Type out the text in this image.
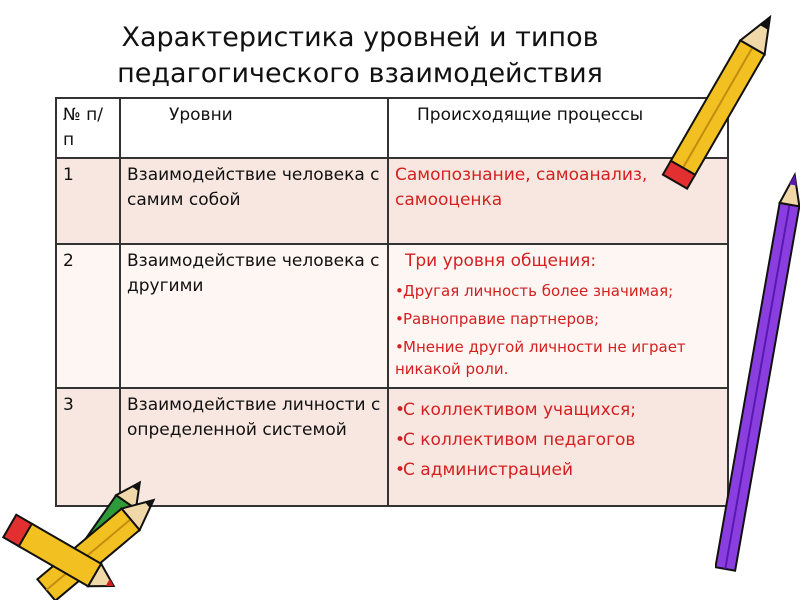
Характеристика уровней и типов
педагогического взаимодействия
№ п/п	Уровни	Происходящие процессы
1	Взаимодействие человека с самим собой	Самопознание, самоанализ, самооценка
2	Взаимодействие человека с другими	Три уровня общения:
•Другая личность более значимая;
•Равноправие партнеров;
•Мнение другой личности не играет никакой роли.

3	Взаимодействие личности с определенной системой	•С коллективом учащихся;
•С коллективом педагогов
•С администрацией
